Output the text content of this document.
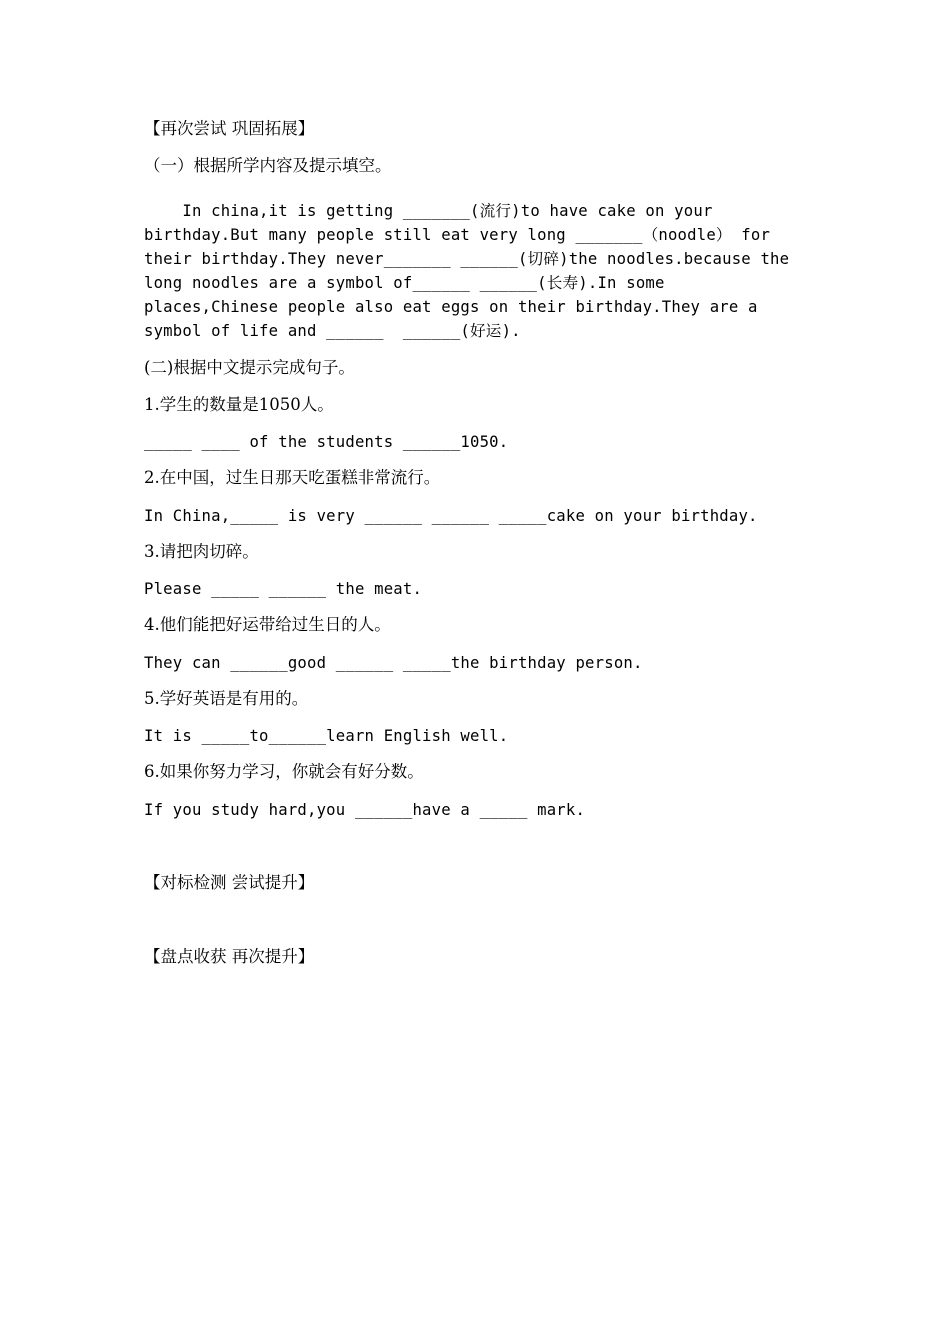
【再次尝试 巩固拓展】
（一）根据所学内容及提示填空。
In china,it is getting _______(流行)to have cake on your
birthday.But many people still eat very long _______（noodle） for
their birthday.They never_______ ______(切碎)the noodles.because the
long noodles are a symbol of______ ______(长寿).In some
places,Chinese people also eat eggs on their birthday.They are a
symbol of life and ______  ______(好运).
(二)根据中文提示完成句子。
1.学生的数量是1050人。
_____ ____ of the students ______1050.
2.在中国，过生日那天吃蛋糕非常流行。
In China,_____ is very ______ ______ _____cake on your birthday.
3.请把肉切碎。
Please _____ ______ the meat.
4.他们能把好运带给过生日的人。
They can ______good ______ _____the birthday person.
5.学好英语是有用的。
It is _____to______learn English well.
6.如果你努力学习，你就会有好分数。
If you study hard,you ______have a _____ mark.
【对标检测 尝试提升】
【盘点收获 再次提升】
